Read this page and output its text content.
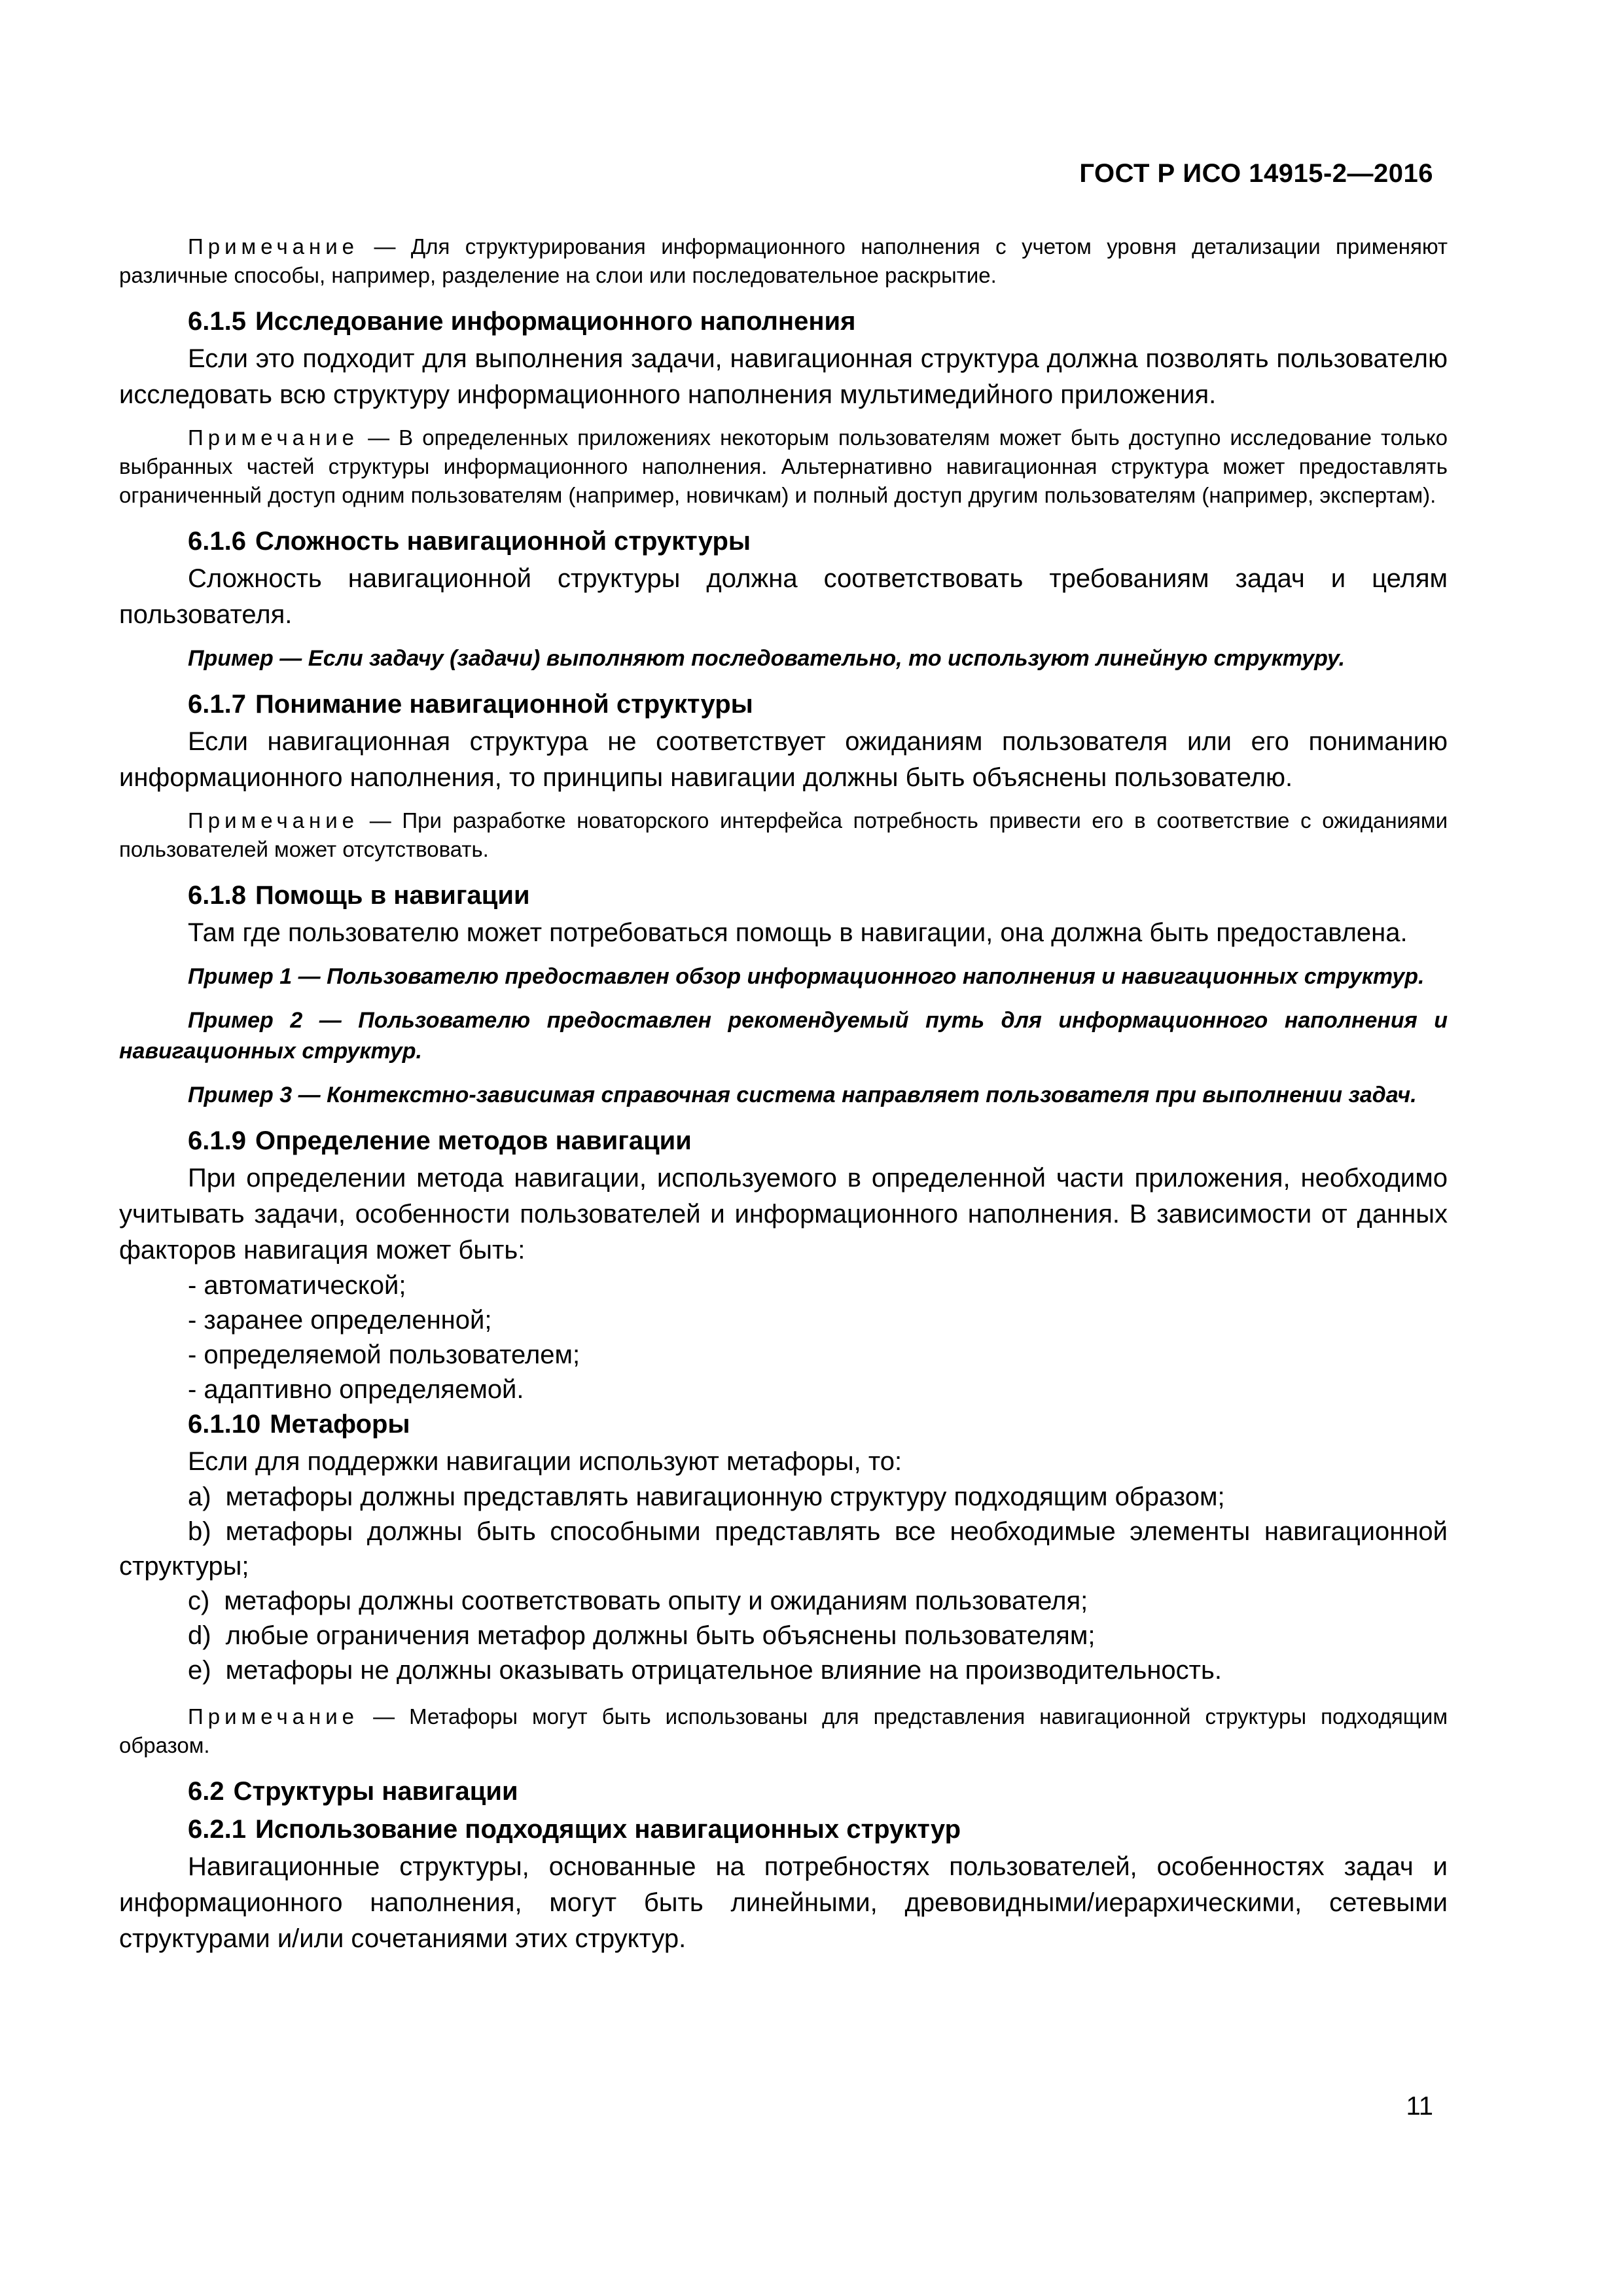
ГОСТ Р ИСО 14915-2—2016

Примечание — Для структурирования информационного наполнения с учетом уровня детализации применяют различные способы, например, разделение на слои или последовательное раскрытие.

6.1.5 Исследование информационного наполнения

Если это подходит для выполнения задачи, навигационная структура должна позволять пользователю исследовать всю структуру информационного наполнения мультимедийного приложения.

Примечание — В определенных приложениях некоторым пользователям может быть доступно исследование только выбранных частей структуры информационного наполнения. Альтернативно навигационная структура может предоставлять ограниченный доступ одним пользователям (например, новичкам) и полный доступ другим пользователям (например, экспертам).

6.1.6 Сложность навигационной структуры

Сложность навигационной структуры должна соответствовать требованиям задач и целям пользователя.

Пример — Если задачу (задачи) выполняют последовательно, то используют линейную структуру.

6.1.7 Понимание навигационной структуры

Если навигационная структура не соответствует ожиданиям пользователя или его пониманию информационного наполнения, то принципы навигации должны быть объяснены пользователю.

Примечание — При разработке новаторского интерфейса потребность привести его в соответствие с ожиданиями пользователей может отсутствовать.

6.1.8 Помощь в навигации

Там где пользователю может потребоваться помощь в навигации, она должна быть предоставлена.

Пример 1 — Пользователю предоставлен обзор информационного наполнения и навигационных структур.

Пример 2 — Пользователю предоставлен рекомендуемый путь для информационного наполнения и навигационных структур.

Пример 3 — Контекстно-зависимая справочная система направляет пользователя при выполнении задач.

6.1.9 Определение методов навигации

При определении метода навигации, используемого в определенной части приложения, необходимо учитывать задачи, особенности пользователей и информационного наполнения. В зависимости от данных факторов навигация может быть:

- автоматической;
- заранее определенной;
- определяемой пользователем;
- адаптивно определяемой.
6.1.10 Метафоры

Если для поддержки навигации используют метафоры, то:

а) метафоры должны представлять навигационную структуру подходящим образом;
b) метафоры должны быть способными представлять все необходимые элементы навигационной структуры;
c) метафоры должны соответствовать опыту и ожиданиям пользователя;
d) любые ограничения метафор должны быть объяснены пользователям;
e) метафоры не должны оказывать отрицательное влияние на производительность.

Примечание — Метафоры могут быть использованы для представления навигационной структуры подходящим образом.

6.2 Структуры навигации
6.2.1 Использование подходящих навигационных структур

Навигационные структуры, основанные на потребностях пользователей, особенностях задач и информационного наполнения, могут быть линейными, древовидными/иерархическими, сетевыми структурами и/или сочетаниями этих структур.

11
